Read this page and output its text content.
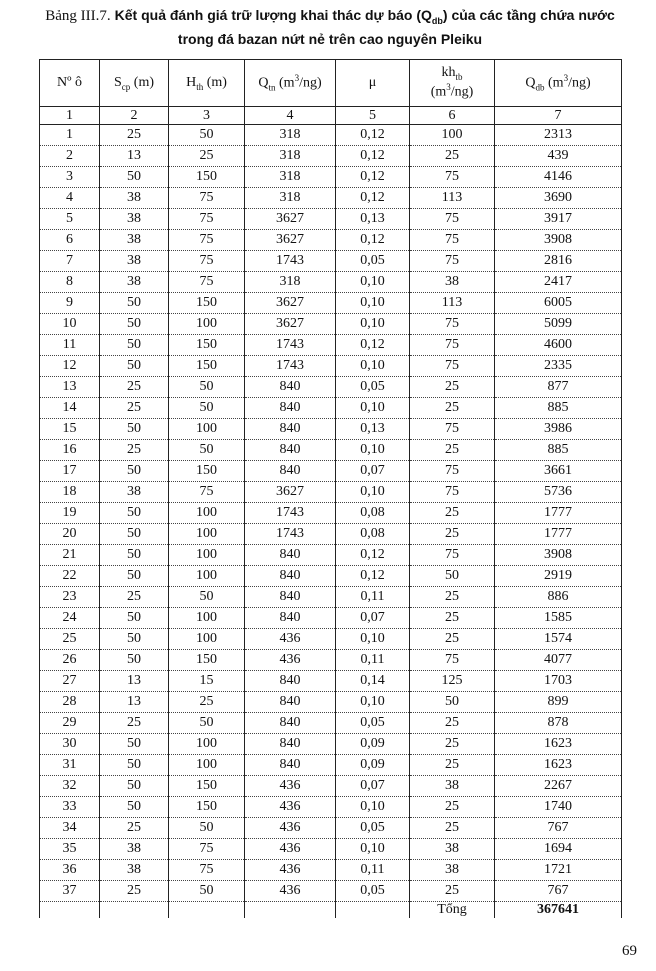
Bảng III.7. Kết quả đánh giá trữ lượng khai thác dự báo $(Q_{db})$ của các tầng chứa nước
trong đá bazan nứt nẻ trên cao nguyên Pleiku
Nº ô	$S_{cp}$ (m)	$H_{th}$ (m)	$Q_{tn}$ $(m^3/ng)$	μ	$kh_{tb}$
$(m^3/ng)$	$Q_{db}$ $(m^3/ng)$
1	2	3	4	5	6	7
1	25	50	318	0,12	100	2313
2	13	25	318	0,12	25	439
3	50	150	318	0,12	75	4146
4	38	75	318	0,12	113	3690
5	38	75	3627	0,13	75	3917
6	38	75	3627	0,12	75	3908
7	38	75	1743	0,05	75	2816
8	38	75	318	0,10	38	2417
9	50	150	3627	0,10	113	6005
10	50	100	3627	0,10	75	5099
11	50	150	1743	0,12	75	4600
12	50	150	1743	0,10	75	2335
13	25	50	840	0,05	25	877
14	25	50	840	0,10	25	885
15	50	100	840	0,13	75	3986
16	25	50	840	0,10	25	885
17	50	150	840	0,07	75	3661
18	38	75	3627	0,10	75	5736
19	50	100	1743	0,08	25	1777
20	50	100	1743	0,08	25	1777
21	50	100	840	0,12	75	3908
22	50	100	840	0,12	50	2919
23	25	50	840	0,11	25	886
24	50	100	840	0,07	25	1585
25	50	100	436	0,10	25	1574
26	50	150	436	0,11	75	4077
27	13	15	840	0,14	125	1703
28	13	25	840	0,10	50	899
29	25	50	840	0,05	25	878
30	50	100	840	0,09	25	1623
31	50	100	840	0,09	25	1623
32	50	150	436	0,07	38	2267
33	50	150	436	0,10	25	1740
34	25	50	436	0,05	25	767
35	38	75	436	0,10	38	1694
36	38	75	436	0,11	38	1721
37	25	50	436	0,05	25	767
					Tổng	367641
69
